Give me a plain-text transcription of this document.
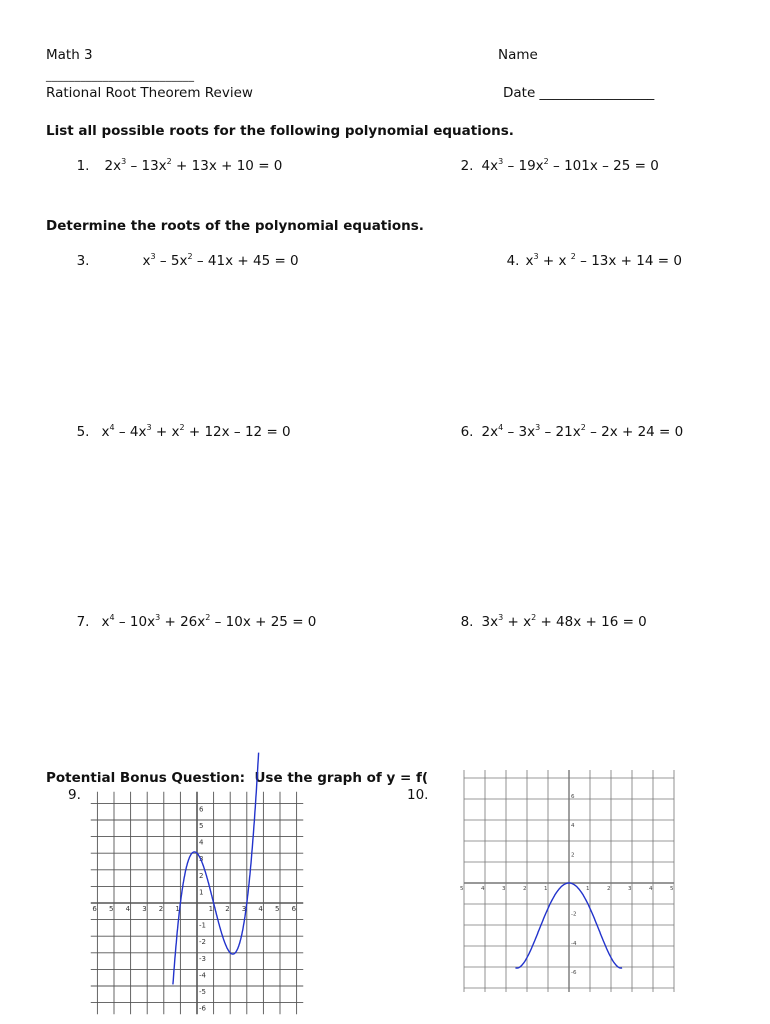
Math 3	Name
__________________________
Rational Root Theorem Review	Date _________________
List all possible roots for the following polynomial equations.

1. $2x^3 - 13x^2 + 13x + 10 = 0$	2. $4x^3 - 19x^2 - 101x - 25 = 0$

Determine the roots of the polynomial equations.

3.	$x^3 - 5x^2 - 41x + 45 = 0$	4. $x^3 + x$ $^2$ – 13x + 14 = 0

5. $x^4 - 4x^3 + x^2 + 12x - 12 = 0$	6. $2x^4 - 3x^3 - 21x^2 - 2x + 24 = 0$

7. $x^4 - 10x^3 + 26x^2 - 10x + 25 = 0$	8. $3x^3 + x^2 + 48x + 16 = 0$

Potential Bonus Question:  Use the graph of y = f(
9.	10.
6 5 4 3 2 1	1 2 3 4 5 6
6
5
4
3
2
1
-1
-2
-3
-4
-5
-6
5	4	3	2	1	1	2	3	4	5
6
4
2
-2
-4
-6
